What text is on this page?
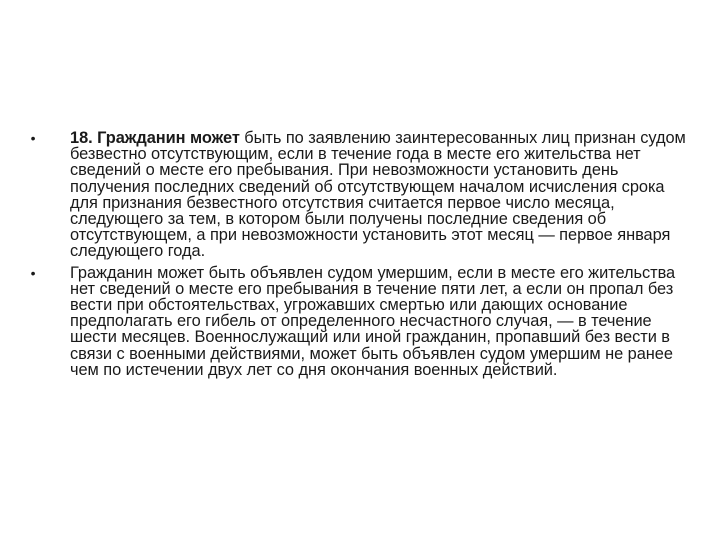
• 18. Гражданин может быть по заявлению заинтересованных лиц признан судом безвестно отсутствующим, если в течение года в месте его жительства нет сведений о месте его пребывания. При невозможности установить день получения последних сведений об отсутствующем началом исчисления срока для признания безвестного отсутствия считается первое число месяца, следующего за тем, в котором были получены последние сведения об отсутствующем, а при невозможности установить этот месяц — первое января следующего года.
• Гражданин может быть объявлен судом умершим, если в месте его жительства нет сведений о месте его пребывания в течение пяти лет, а если он пропал без вести при обстоятельствах, угрожавших смертью или дающих основание предполагать его гибель от определенного несчастного случая, — в течение шести месяцев. Военнослужащий или иной гражданин, пропавший без вести в связи с военными действиями, может быть объявлен судом умершим не ранее чем по истечении двух лет со дня окончания военных действий.
